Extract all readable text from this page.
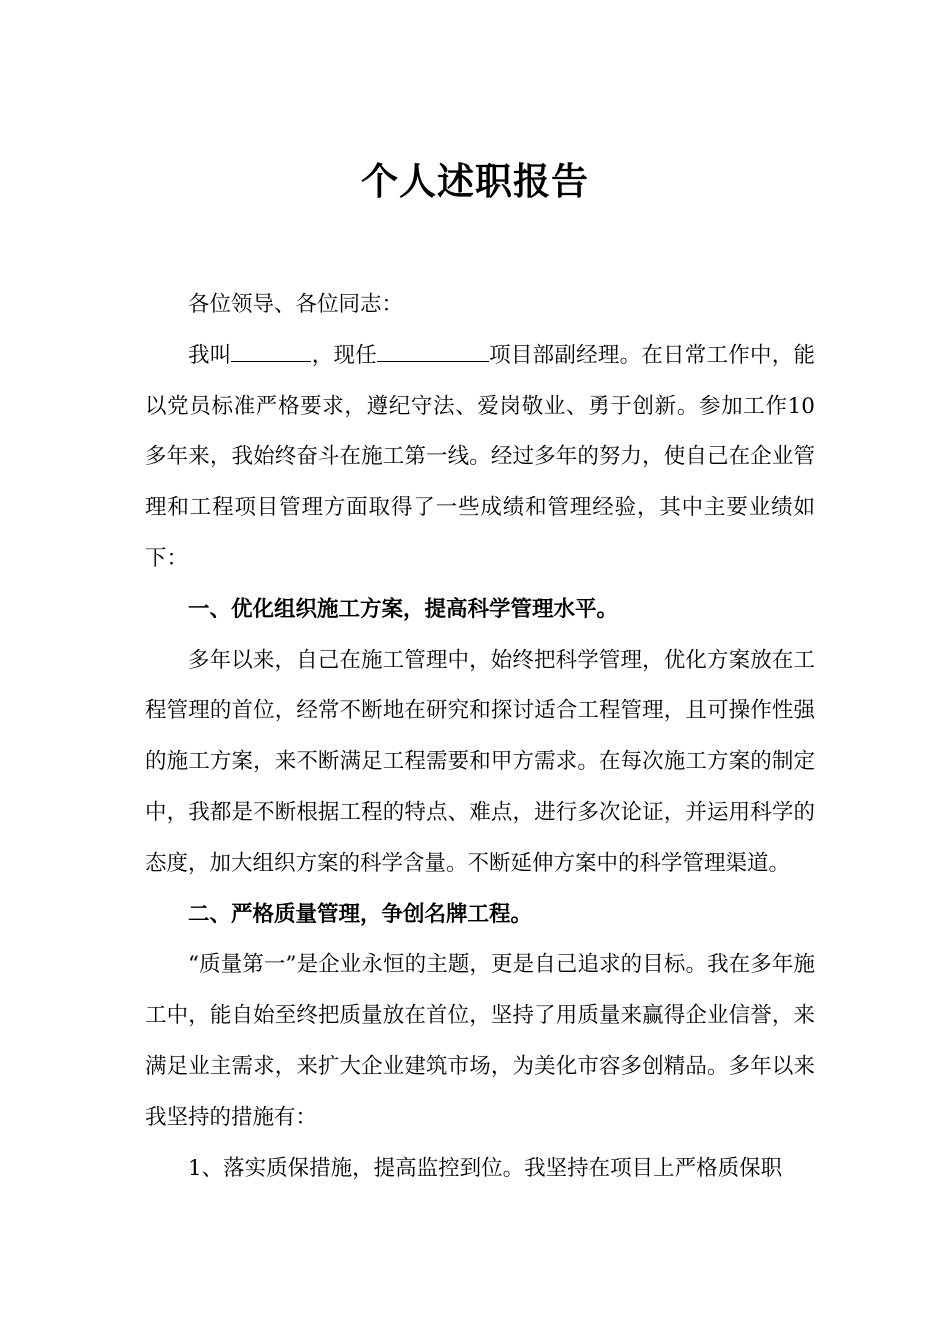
个人述职报告

各位领导、各位同志：

我叫	，现任	项目部副经理。在日常工作中，能以党员标准严格要求，遵纪守法、爱岗敬业、勇于创新。参加工作10多年来，我始终奋斗在施工第一线。经过多年的努力，使自己在企业管理和工程项目管理方面取得了一些成绩和管理经验，其中主要业绩如下：

一、优化组织施工方案，提高科学管理水平。

多年以来，自己在施工管理中，始终把科学管理，优化方案放在工程管理的首位，经常不断地在研究和探讨适合工程管理，且可操作性强的施工方案，来不断满足工程需要和甲方需求。在每次施工方案的制定中，我都是不断根据工程的特点、难点，进行多次论证，并运用科学的态度，加大组织方案的科学含量。不断延伸方案中的科学管理渠道。

二、严格质量管理，争创名牌工程。

“质量第一”是企业永恒的主题，更是自己追求的目标。我在多年施工中，能自始至终把质量放在首位，坚持了用质量来赢得企业信誉，来满足业主需求，来扩大企业建筑市场，为美化市容多创精品。多年以来我坚持的措施有：

1、落实质保措施，提高监控到位。我坚持在项目上严格质保职
